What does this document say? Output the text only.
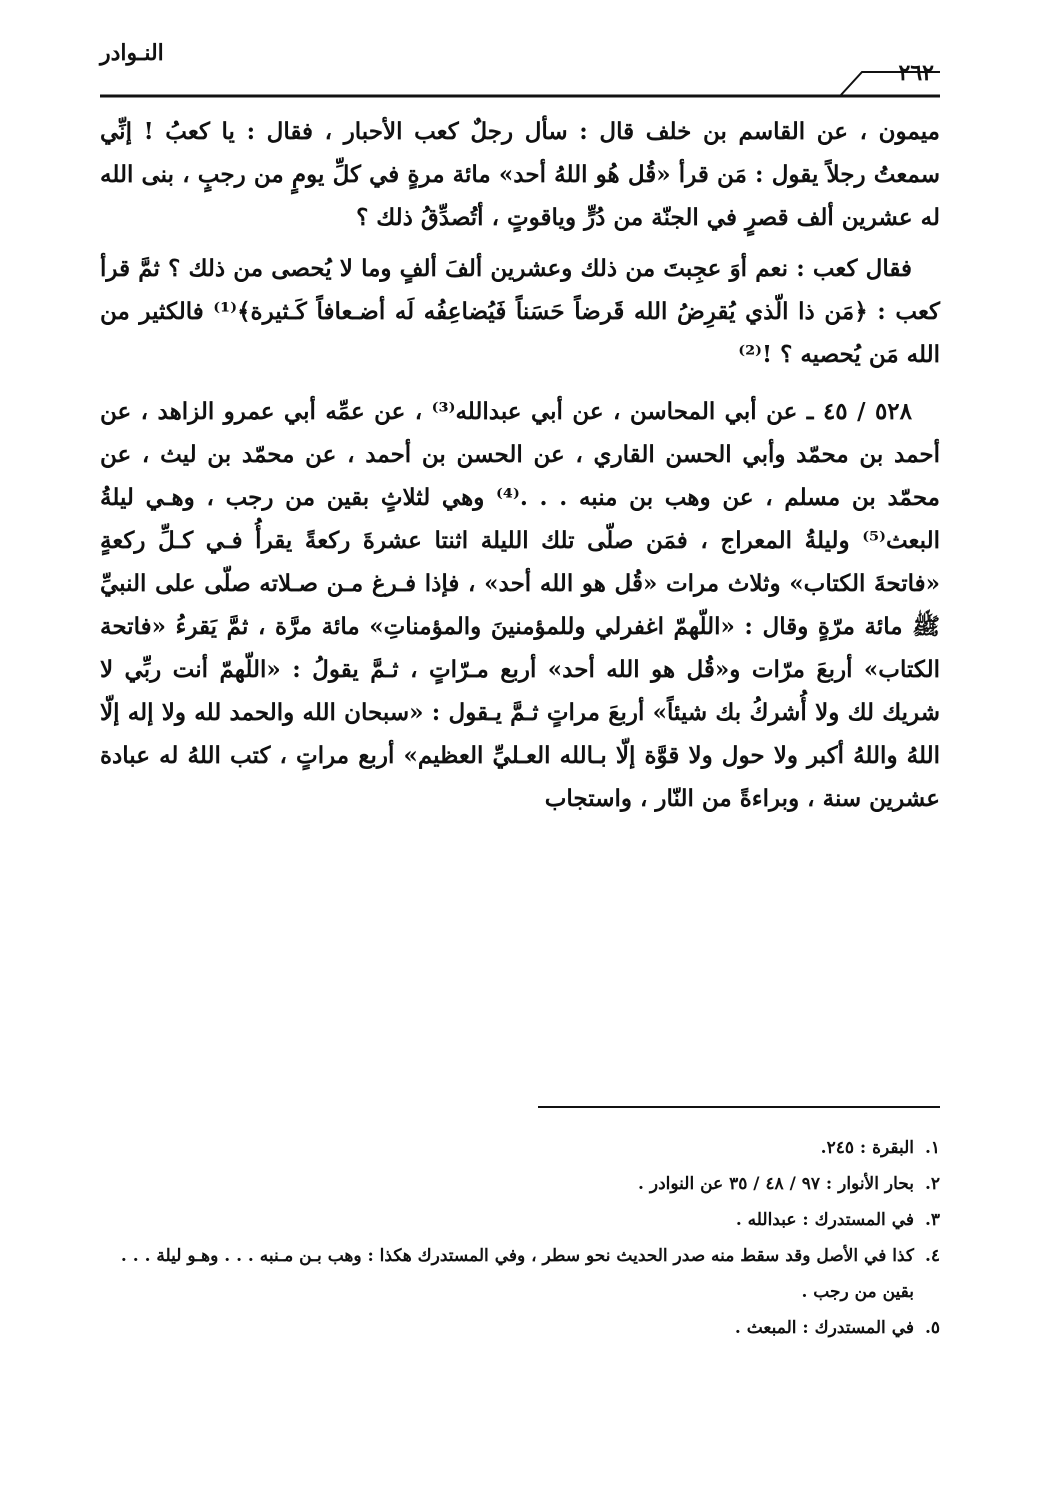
النـوادر
٢٦٢

ميمون ، عن القاسم بن خلف قال : سأل رجلٌ كعب الأحبار ، فقال : يا كعبُ ! إنِّي سمعتُ رجلاً يقول : مَن قرأ «قُل هُو اللهُ أحد» مائة مرةٍ في كلِّ يومٍ من رجبٍ ، بنى الله له عشرين ألف قصرٍ في الجنّة من دُرٍّ وياقوتٍ ، أتُصدِّقُ ذلك ؟

فقال كعب : نعم أوَ عجِبتَ من ذلك وعشرين ألفَ ألفٍ وما لا يُحصى من ذلك ؟ ثمَّ قرأ كعب : ﴿مَن ذا الّذي يُقرِضُ الله قَرضاً حَسَناً فَيُضاعِفُه لَه أضـعافاً كَـثيرة﴾⁽¹⁾ فالكثير من الله مَن يُحصيه ؟ !⁽²⁾

٥٢٨ / ٤٥ ـ عن أبي المحاسن ، عن أبي عبدالله⁽³⁾ ، عن عمِّه أبي عمرو الزاهد ، عن أحمد بن محمّد وأبي الحسن القاري ، عن الحسن بن أحمد ، عن محمّد بن ليث ، عن محمّد بن مسلم ، عن وهب بن منبه . . .⁽⁴⁾ وهي لثلاثٍ بقين من رجب ، وهـي ليلةُ البعث⁽⁵⁾ وليلةُ المعراج ، فمَن صلّى تلك الليلة اثنتا عشرةَ ركعةً يقرأُ فـي كـلِّ ركعةٍ «فاتحةَ الكتاب» وثلاث مرات «قُل هو الله أحد» ، فإذا فـرغ مـن صـلاته صلّى على النبيِّ ﷺ مائة مرّةٍ وقال : «اللّهمّ اغفرلي وللمؤمنينَ والمؤمناتِ» مائة مرَّة ، ثمَّ يَقرءُ «فاتحة الكتاب» أربعَ مرّات و«قُل هو الله أحد» أربع مـرّاتٍ ، ثـمَّ يقولُ : «اللّهمّ أنت ربِّي لا شريك لك ولا أُشركُ بك شيئاً» أربعَ مراتٍ ثـمَّ يـقول : «سبحان الله والحمد لله ولا إله إلّا اللهُ واللهُ أكبر ولا حول ولا قوَّة إلّا بـالله العـليِّ العظيم» أربع مراتٍ ، كتب اللهُ له عبادة عشرين سنة ، وبراءةً من النّار ، واستجاب

١.
البقرة : ٢٤٥.
٢.
بحار الأنوار : ٩٧ / ٤٨ / ٣٥ عن النوادر .
٣.
في المستدرك : عبدالله .
٤.
كذا في الأصل وقد سقط منه صدر الحديث نحو سطر ، وفي المستدرك هكذا : وهب بـن مـنبه . . . وهـو ليلة . . . بقين من رجب .
٥.
في المستدرك : المبعث .
